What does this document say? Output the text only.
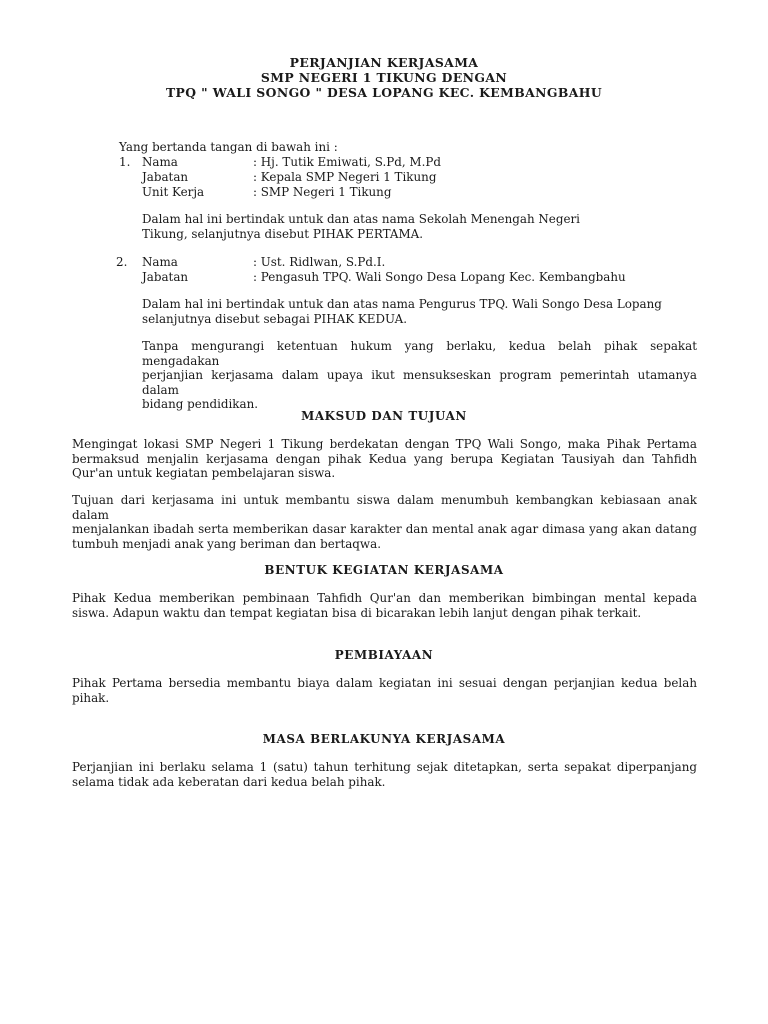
PERJANJIAN KERJASAMA
SMP NEGERI 1 TIKUNG DENGAN
TPQ " WALI SONGO " DESA LOPANG KEC. KEMBANGBAHU
Yang bertanda tangan di bawah ini :
1. Nama	: Hj. Tutik Emiwati, S.Pd, M.Pd
Jabatan	: Kepala SMP Negeri 1 Tikung
Unit Kerja	: SMP Negeri 1 Tikung
Dalam hal ini bertindak untuk dan atas nama Sekolah Menengah Negeri
Tikung, selanjutnya disebut PIHAK PERTAMA.
2. Nama	: Ust. Ridlwan, S.Pd.I.
Jabatan	: Pengasuh TPQ. Wali Songo Desa Lopang Kec. Kembangbahu
Dalam hal ini bertindak untuk dan atas nama Pengurus TPQ. Wali Songo Desa Lopang
selanjutnya disebut sebagai PIHAK KEDUA.
Tanpa mengurangi ketentuan hukum yang berlaku, kedua belah pihak sepakat mengadakan
perjanjian kerjasama dalam upaya ikut mensukseskan program pemerintah utamanya dalam
bidang pendidikan.
MAKSUD DAN TUJUAN
Mengingat lokasi SMP Negeri 1 Tikung berdekatan dengan TPQ Wali Songo, maka Pihak Pertama
bermaksud menjalin kerjasama dengan pihak Kedua yang berupa Kegiatan Tausiyah dan Tahfidh
Qur'an untuk kegiatan pembelajaran siswa.
Tujuan dari kerjasama ini untuk membantu siswa dalam menumbuh kembangkan kebiasaan anak dalam
menjalankan ibadah serta memberikan dasar karakter dan mental anak agar dimasa yang akan datang
tumbuh menjadi anak yang beriman dan bertaqwa.
BENTUK KEGIATAN KERJASAMA
Pihak Kedua memberikan pembinaan Tahfidh Qur'an dan memberikan bimbingan mental kepada
siswa. Adapun waktu dan tempat kegiatan bisa di bicarakan lebih lanjut dengan pihak terkait.
PEMBIAYAAN
Pihak Pertama bersedia membantu biaya dalam kegiatan ini sesuai dengan perjanjian kedua belah
pihak.
MASA BERLAKUNYA KERJASAMA
Perjanjian ini berlaku selama 1 (satu) tahun terhitung sejak ditetapkan, serta sepakat diperpanjang
selama tidak ada keberatan dari kedua belah pihak.
